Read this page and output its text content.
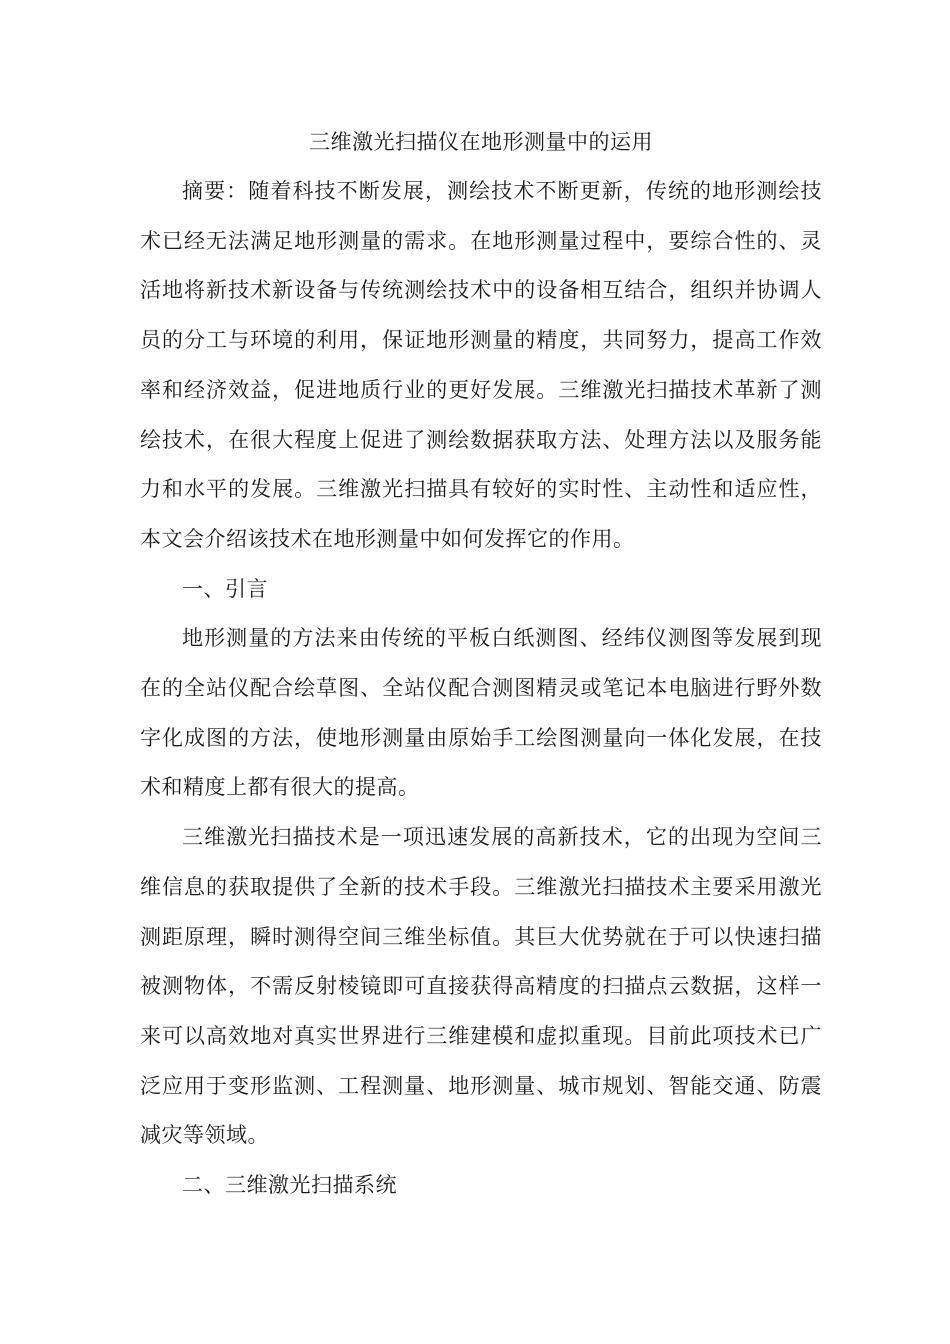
三维激光扫描仪在地形测量中的运用

摘要：随着科技不断发展，测绘技术不断更新，传统的地形测绘技术已经无法满足地形测量的需求。在地形测量过程中，要综合性的、灵活地将新技术新设备与传统测绘技术中的设备相互结合，组织并协调人员的分工与环境的利用，保证地形测量的精度，共同努力，提高工作效率和经济效益，促进地质行业的更好发展。三维激光扫描技术革新了测绘技术，在很大程度上促进了测绘数据获取方法、处理方法以及服务能力和水平的发展。三维激光扫描具有较好的实时性、主动性和适应性，本文会介绍该技术在地形测量中如何发挥它的作用。

一、引言

地形测量的方法来由传统的平板白纸测图、经纬仪测图等发展到现在的全站仪配合绘草图、全站仪配合测图精灵或笔记本电脑进行野外数字化成图的方法，使地形测量由原始手工绘图测量向一体化发展，在技术和精度上都有很大的提高。

三维激光扫描技术是一项迅速发展的高新技术，它的出现为空间三维信息的获取提供了全新的技术手段。三维激光扫描技术主要采用激光测距原理，瞬时测得空间三维坐标值。其巨大优势就在于可以快速扫描被测物体，不需反射棱镜即可直接获得高精度的扫描点云数据，这样一来可以高效地对真实世界进行三维建模和虚拟重现。目前此项技术已广泛应用于变形监测、工程测量、地形测量、城市规划、智能交通、防震减灾等领域。

二、三维激光扫描系统
